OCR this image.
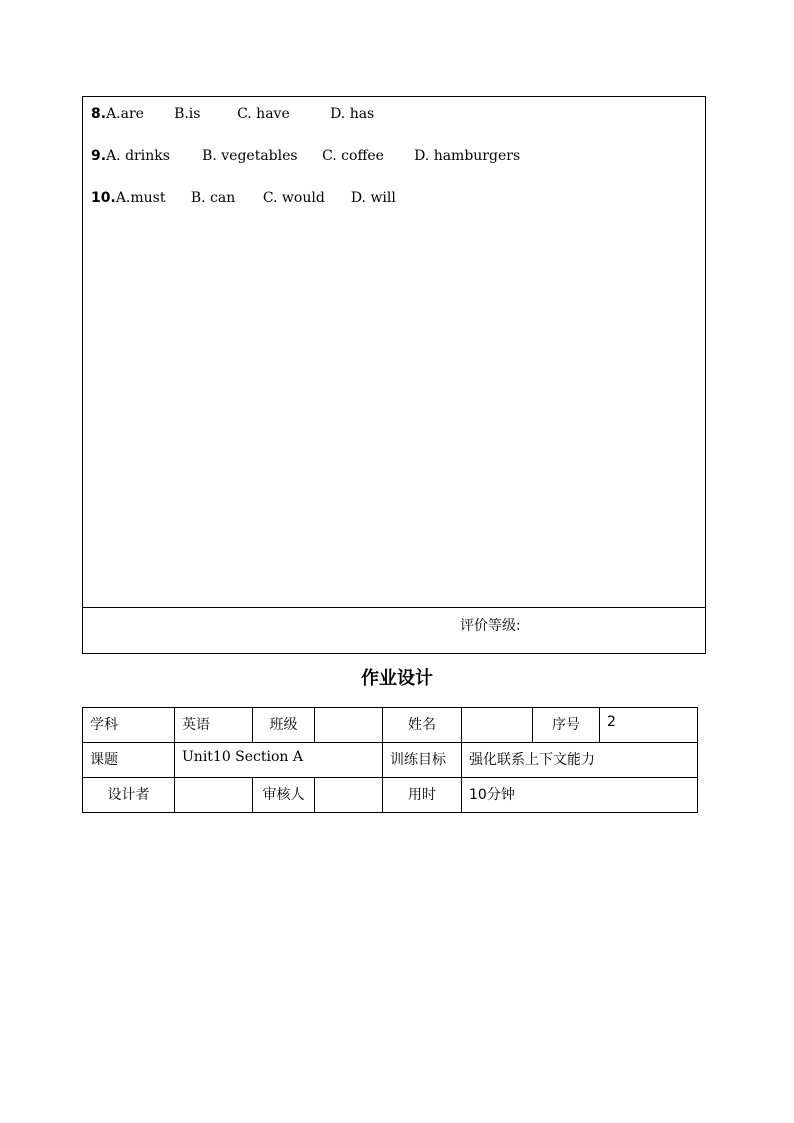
8.A.are B.is	C. have	D. has
9.A. drinks B. vegetables C. coffee D. hamburgers
10.A.must B. can C. would D. will
评价等级:
作业设计
学科	英语	班级		姓名		序号	2
课题	Unit10 Section A			训练目标	强化联系上下文能力		
设计者		审核人		用时	10分钟		
